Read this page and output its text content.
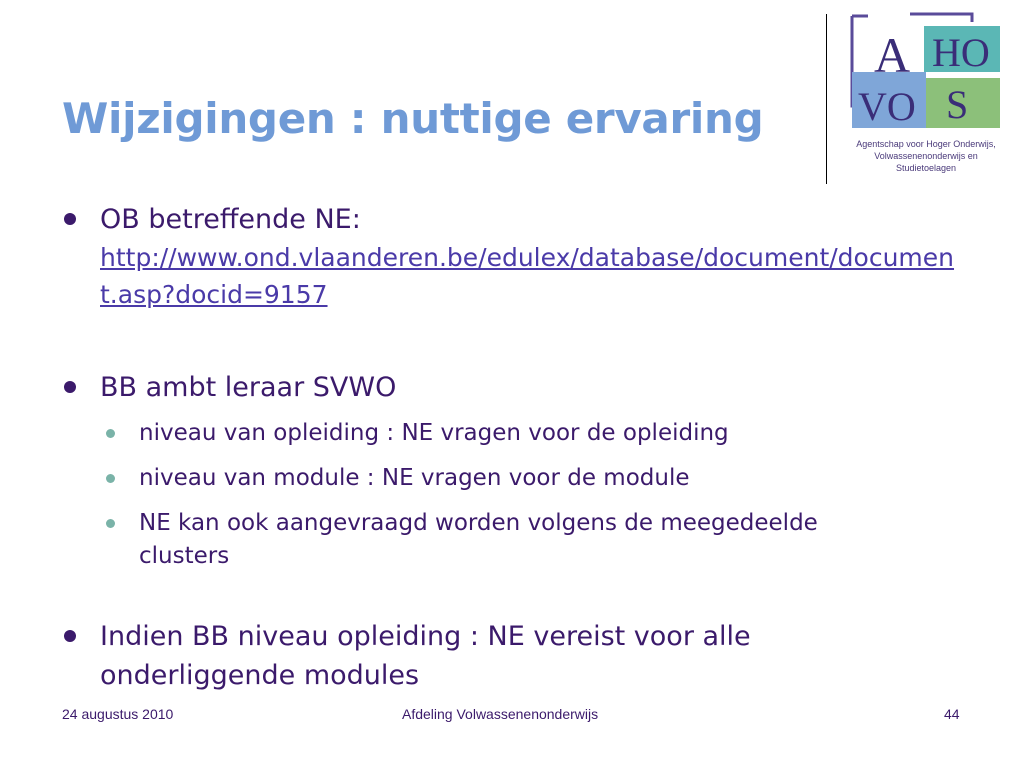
Wijzigingen : nuttige ervaring
A HO
VO S
Agentschap voor Hoger Onderwijs,
Volwassenenonderwijs en Studietoelagen
OB betreffende NE:
http://www.ond.vlaanderen.be/edulex/database/document/document.asp?docid=9157
BB ambt leraar SVWO
niveau van opleiding : NE vragen voor de opleiding
niveau van module : NE vragen voor de module
NE kan ook aangevraagd worden volgens de meegedeelde clusters
Indien BB niveau opleiding : NE vereist voor alle onderliggende modules
24 augustus 2010	Afdeling Volwassenenonderwijs	44
